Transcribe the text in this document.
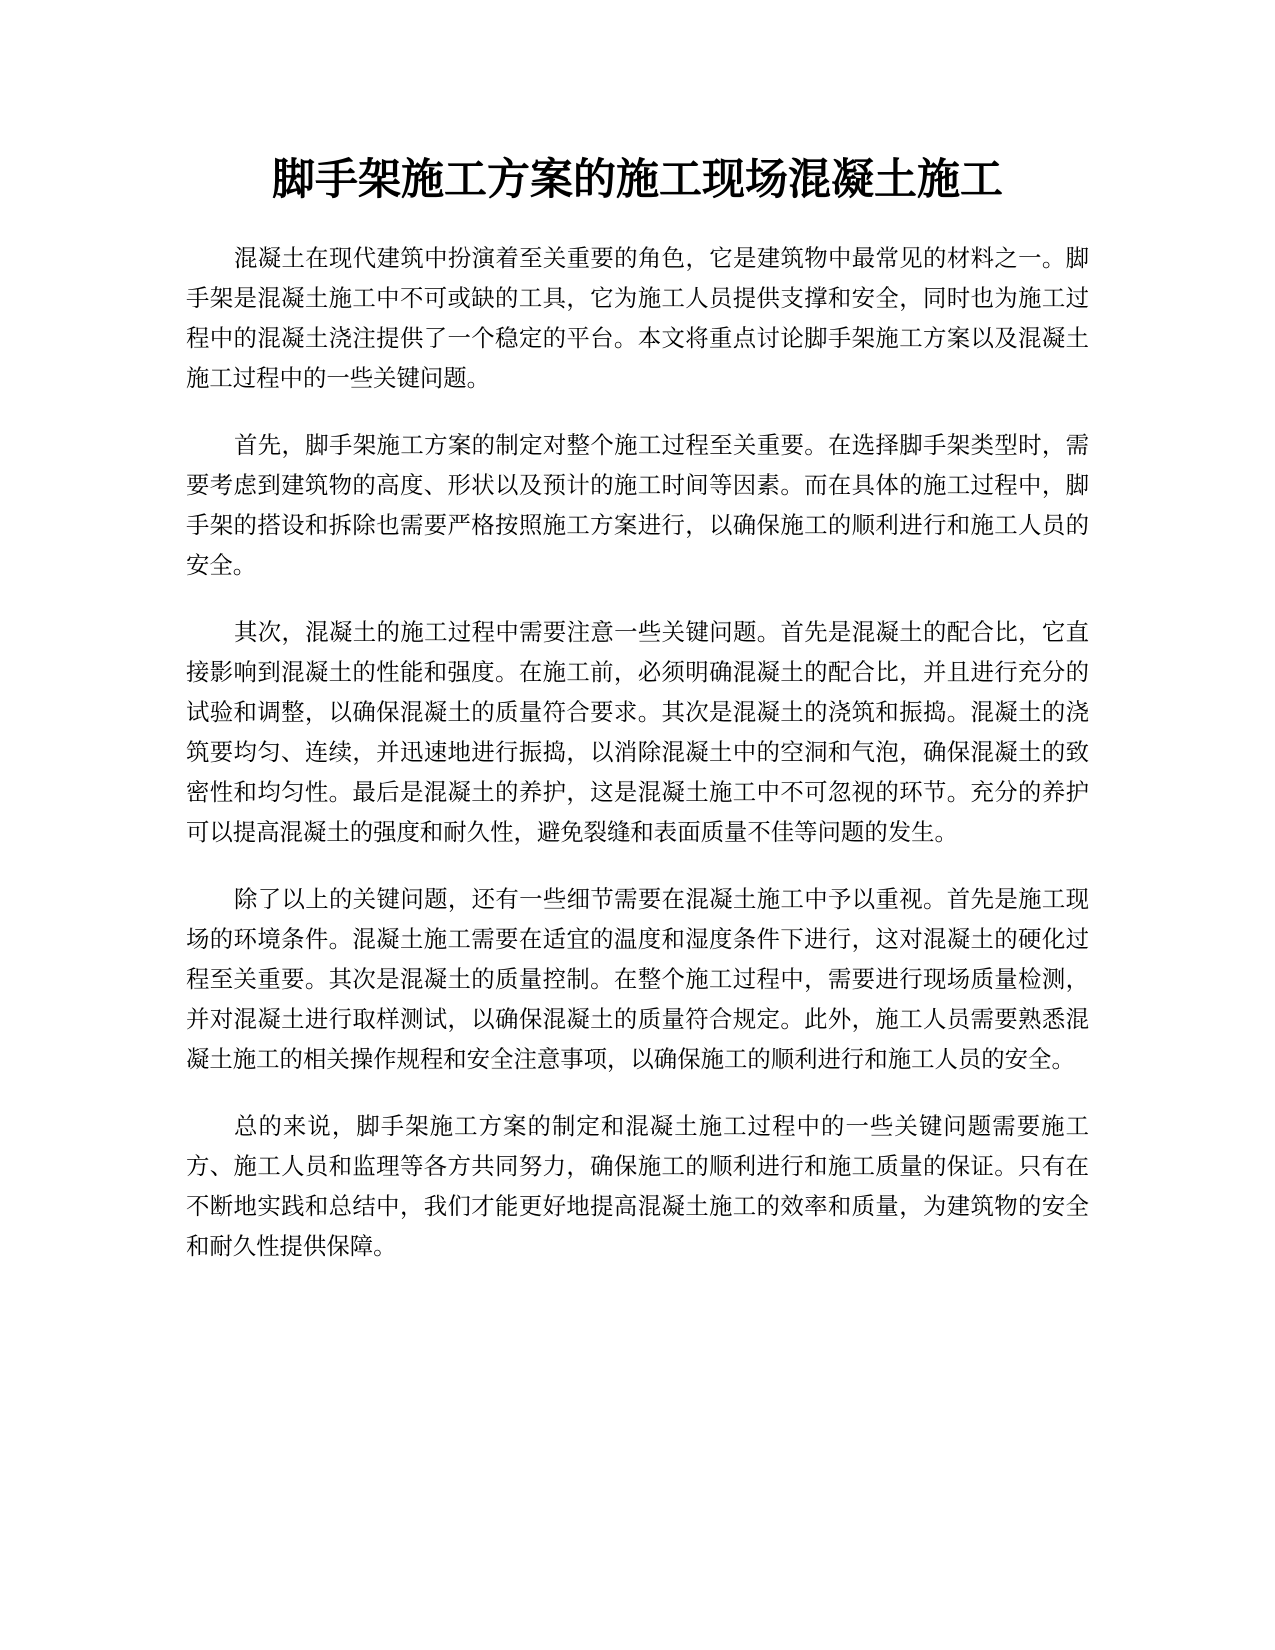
脚手架施工方案的施工现场混凝土施工

混凝土在现代建筑中扮演着至关重要的角色，它是建筑物中最常见的材料之一。脚手架是混凝土施工中不可或缺的工具，它为施工人员提供支撑和安全，同时也为施工过程中的混凝土浇注提供了一个稳定的平台。本文将重点讨论脚手架施工方案以及混凝土施工过程中的一些关键问题。

首先，脚手架施工方案的制定对整个施工过程至关重要。在选择脚手架类型时，需要考虑到建筑物的高度、形状以及预计的施工时间等因素。而在具体的施工过程中，脚手架的搭设和拆除也需要严格按照施工方案进行，以确保施工的顺利进行和施工人员的安全。

其次，混凝土的施工过程中需要注意一些关键问题。首先是混凝土的配合比，它直接影响到混凝土的性能和强度。在施工前，必须明确混凝土的配合比，并且进行充分的试验和调整，以确保混凝土的质量符合要求。其次是混凝土的浇筑和振捣。混凝土的浇筑要均匀、连续，并迅速地进行振捣，以消除混凝土中的空洞和气泡，确保混凝土的致密性和均匀性。最后是混凝土的养护，这是混凝土施工中不可忽视的环节。充分的养护可以提高混凝土的强度和耐久性，避免裂缝和表面质量不佳等问题的发生。

除了以上的关键问题，还有一些细节需要在混凝土施工中予以重视。首先是施工现场的环境条件。混凝土施工需要在适宜的温度和湿度条件下进行，这对混凝土的硬化过程至关重要。其次是混凝土的质量控制。在整个施工过程中，需要进行现场质量检测，并对混凝土进行取样测试，以确保混凝土的质量符合规定。此外，施工人员需要熟悉混凝土施工的相关操作规程和安全注意事项，以确保施工的顺利进行和施工人员的安全。

总的来说，脚手架施工方案的制定和混凝土施工过程中的一些关键问题需要施工方、施工人员和监理等各方共同努力，确保施工的顺利进行和施工质量的保证。只有在不断地实践和总结中，我们才能更好地提高混凝土施工的效率和质量，为建筑物的安全和耐久性提供保障。
